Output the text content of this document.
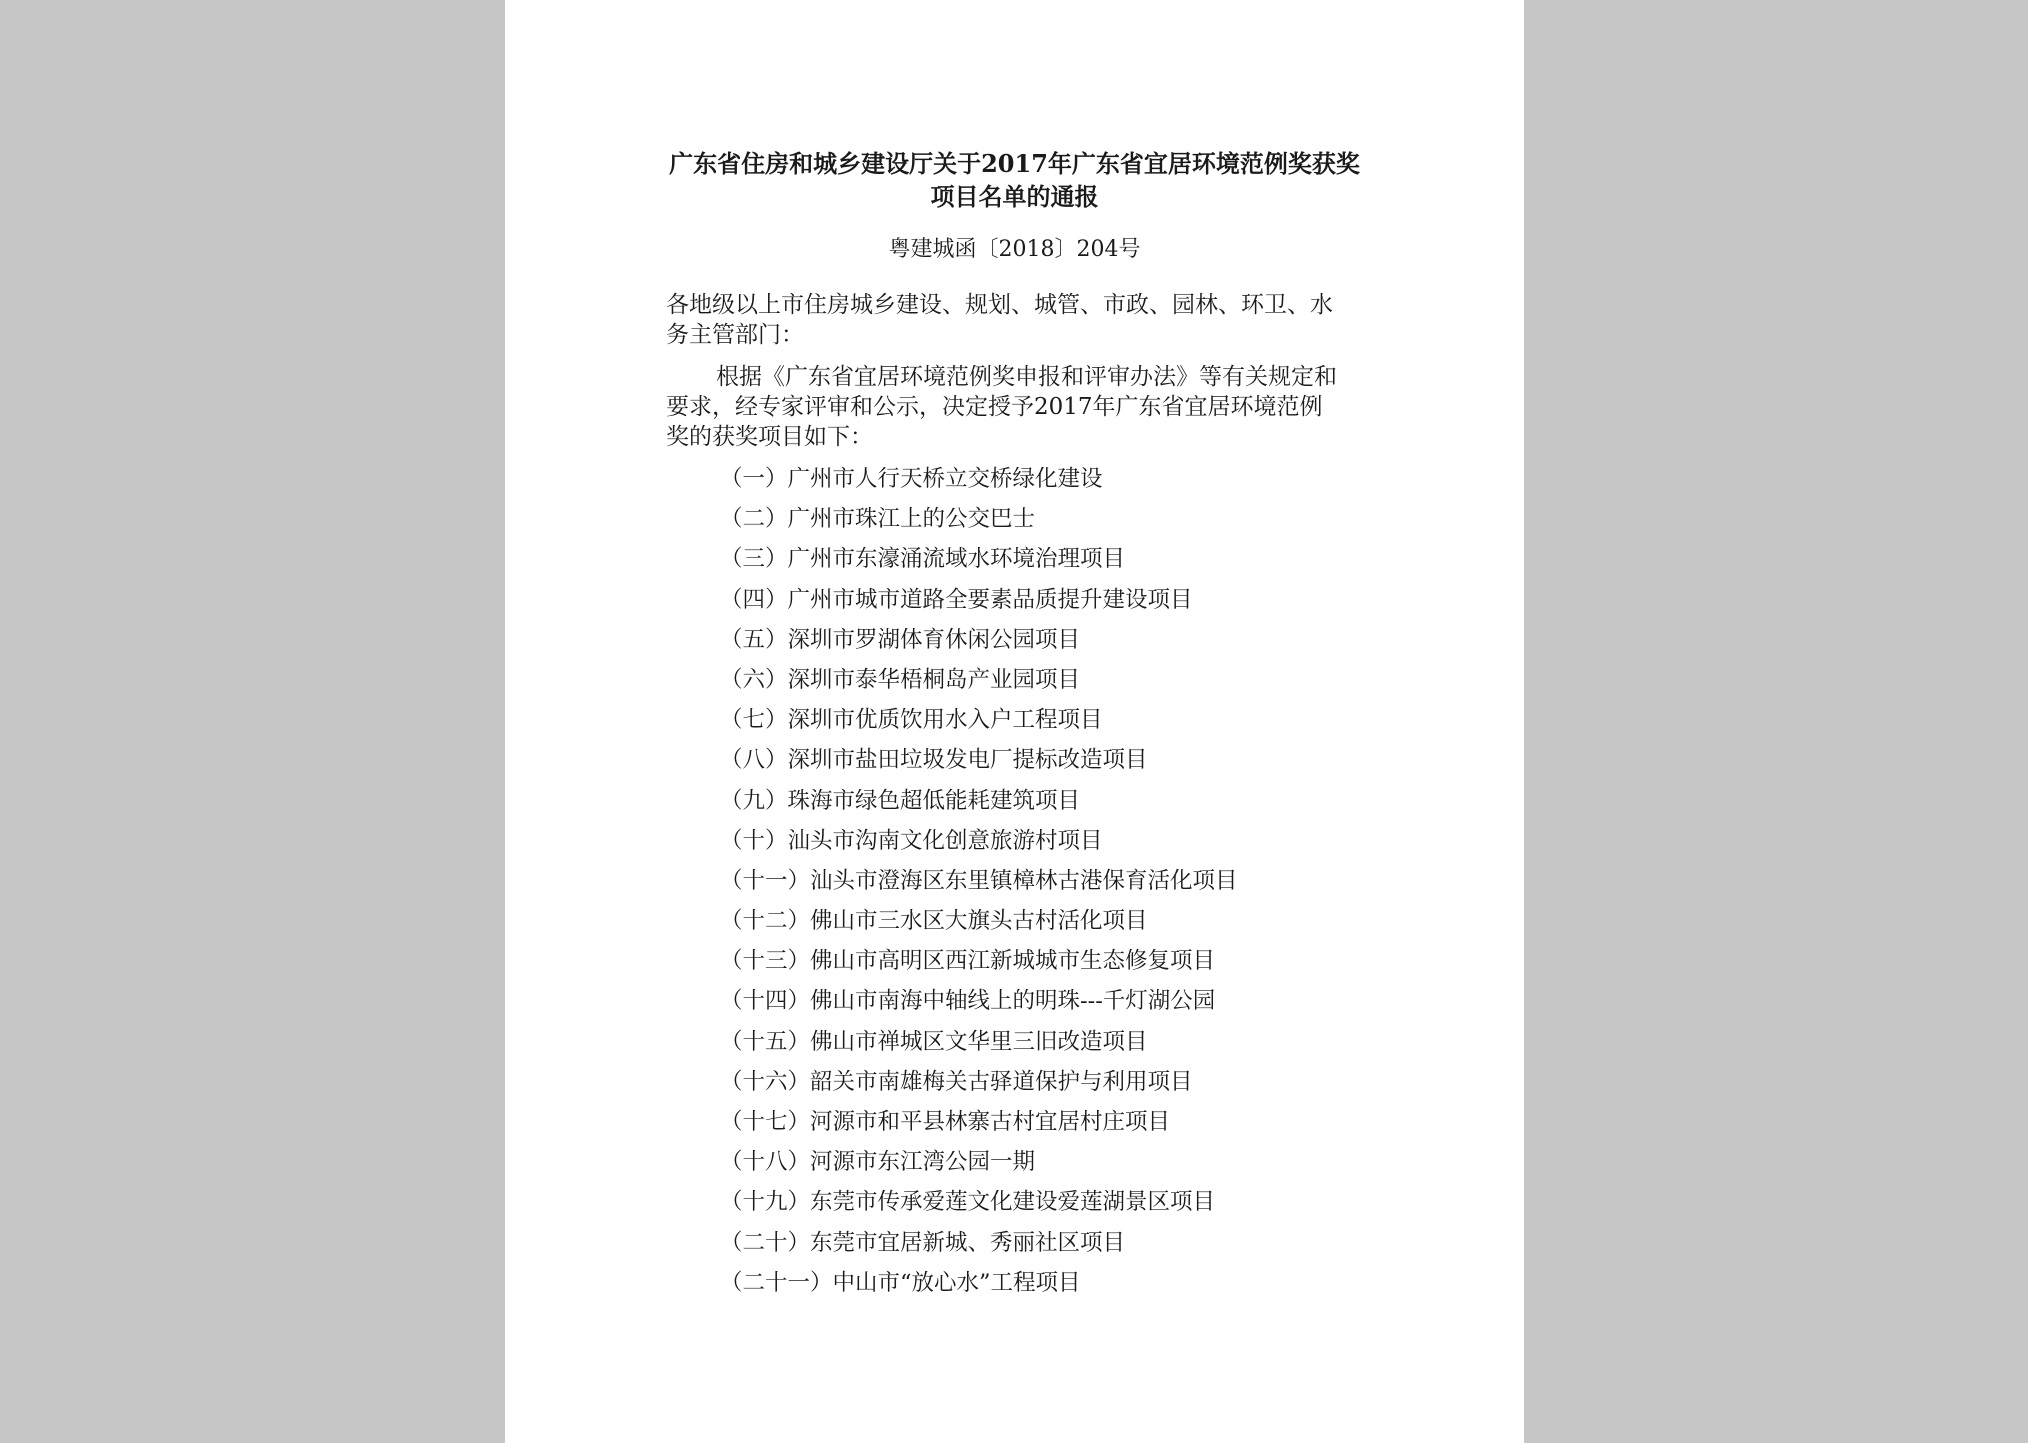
广东省住房和城乡建设厅关于2017年广东省宜居环境范例奖获奖
项目名单的通报
粤建城函〔2018〕204号
各地级以上市住房城乡建设、规划、城管、市政、园林、环卫、水
务主管部门：
根据《广东省宜居环境范例奖申报和评审办法》等有关规定和
要求，经专家评审和公示，决定授予2017年广东省宜居环境范例
奖的获奖项目如下：
（一）广州市人行天桥立交桥绿化建设
（二）广州市珠江上的公交巴士
（三）广州市东濠涌流域水环境治理项目
（四）广州市城市道路全要素品质提升建设项目
（五）深圳市罗湖体育休闲公园项目
（六）深圳市泰华梧桐岛产业园项目
（七）深圳市优质饮用水入户工程项目
（八）深圳市盐田垃圾发电厂提标改造项目
（九）珠海市绿色超低能耗建筑项目
（十）汕头市沟南文化创意旅游村项目
（十一）汕头市澄海区东里镇樟林古港保育活化项目
（十二）佛山市三水区大旗头古村活化项目
（十三）佛山市高明区西江新城城市生态修复项目
（十四）佛山市南海中轴线上的明珠---千灯湖公园
（十五）佛山市禅城区文华里三旧改造项目
（十六）韶关市南雄梅关古驿道保护与利用项目
（十七）河源市和平县林寨古村宜居村庄项目
（十八）河源市东江湾公园一期
（十九）东莞市传承爱莲文化建设爱莲湖景区项目
（二十）东莞市宜居新城、秀丽社区项目
（二十一）中山市“放心水”工程项目
